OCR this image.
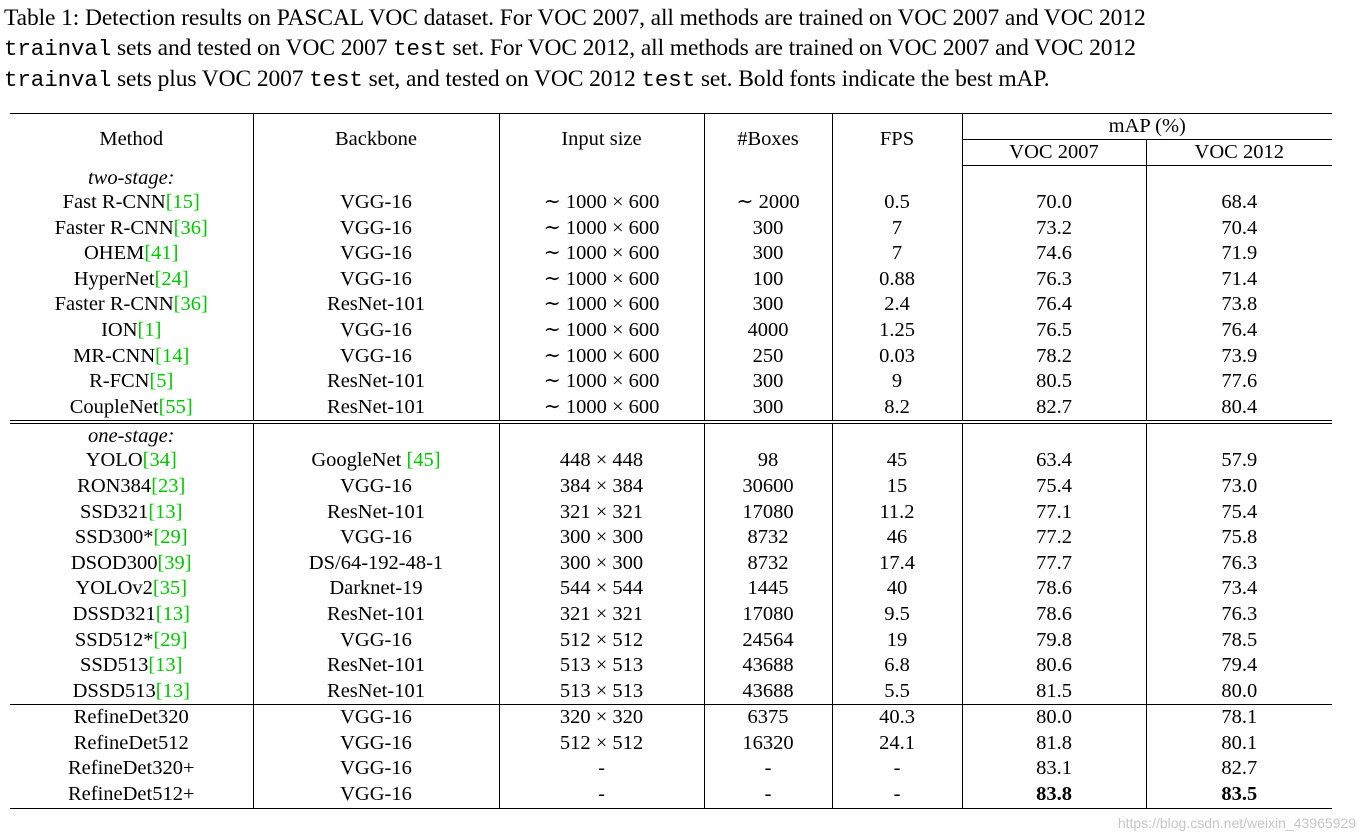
Table 1: Detection results on PASCAL VOC dataset. For VOC 2007, all methods are trained on VOC 2007 and VOC 2012
trainval sets and tested on VOC 2007 test set. For VOC 2012, all methods are trained on VOC 2007 and VOC 2012
trainval sets plus VOC 2007 test set, and tested on VOC 2012 test set. Bold fonts indicate the best mAP.
Method	Backbone	Input size	#Boxes	FPS	mAP (%)	
					VOC 2007	VOC 2012
two-stage:						
Fast R-CNN[15]	VGG-16	∼ 1000 × 600	∼ 2000	0.5	70.0	68.4
Faster R-CNN[36]	VGG-16	∼ 1000 × 600	300	7	73.2	70.4
OHEM[41]	VGG-16	∼ 1000 × 600	300	7	74.6	71.9
HyperNet[24]	VGG-16	∼ 1000 × 600	100	0.88	76.3	71.4
Faster R-CNN[36]	ResNet-101	∼ 1000 × 600	300	2.4	76.4	73.8
ION[1]	VGG-16	∼ 1000 × 600	4000	1.25	76.5	76.4
MR-CNN[14]	VGG-16	∼ 1000 × 600	250	0.03	78.2	73.9
R-FCN[5]	ResNet-101	∼ 1000 × 600	300	9	80.5	77.6
CoupleNet[55]	ResNet-101	∼ 1000 × 600	300	8.2	82.7	80.4
one-stage:						
YOLO[34]	GoogleNet [45]	448 × 448	98	45	63.4	57.9
RON384[23]	VGG-16	384 × 384	30600	15	75.4	73.0
SSD321[13]	ResNet-101	321 × 321	17080	11.2	77.1	75.4
SSD300*[29]	VGG-16	300 × 300	8732	46	77.2	75.8
DSOD300[39]	DS/64-192-48-1	300 × 300	8732	17.4	77.7	76.3
YOLOv2[35]	Darknet-19	544 × 544	1445	40	78.6	73.4
DSSD321[13]	ResNet-101	321 × 321	17080	9.5	78.6	76.3
SSD512*[29]	VGG-16	512 × 512	24564	19	79.8	78.5
SSD513[13]	ResNet-101	513 × 513	43688	6.8	80.6	79.4
DSSD513[13]	ResNet-101	513 × 513	43688	5.5	81.5	80.0
RefineDet320	VGG-16	320 × 320	6375	40.3	80.0	78.1
RefineDet512	VGG-16	512 × 512	16320	24.1	81.8	80.1
RefineDet320+	VGG-16	-	-	-	83.1	82.7
RefineDet512+	VGG-16	-	-	-	83.8	83.5
https://blog.csdn.net/weixin_43965929
